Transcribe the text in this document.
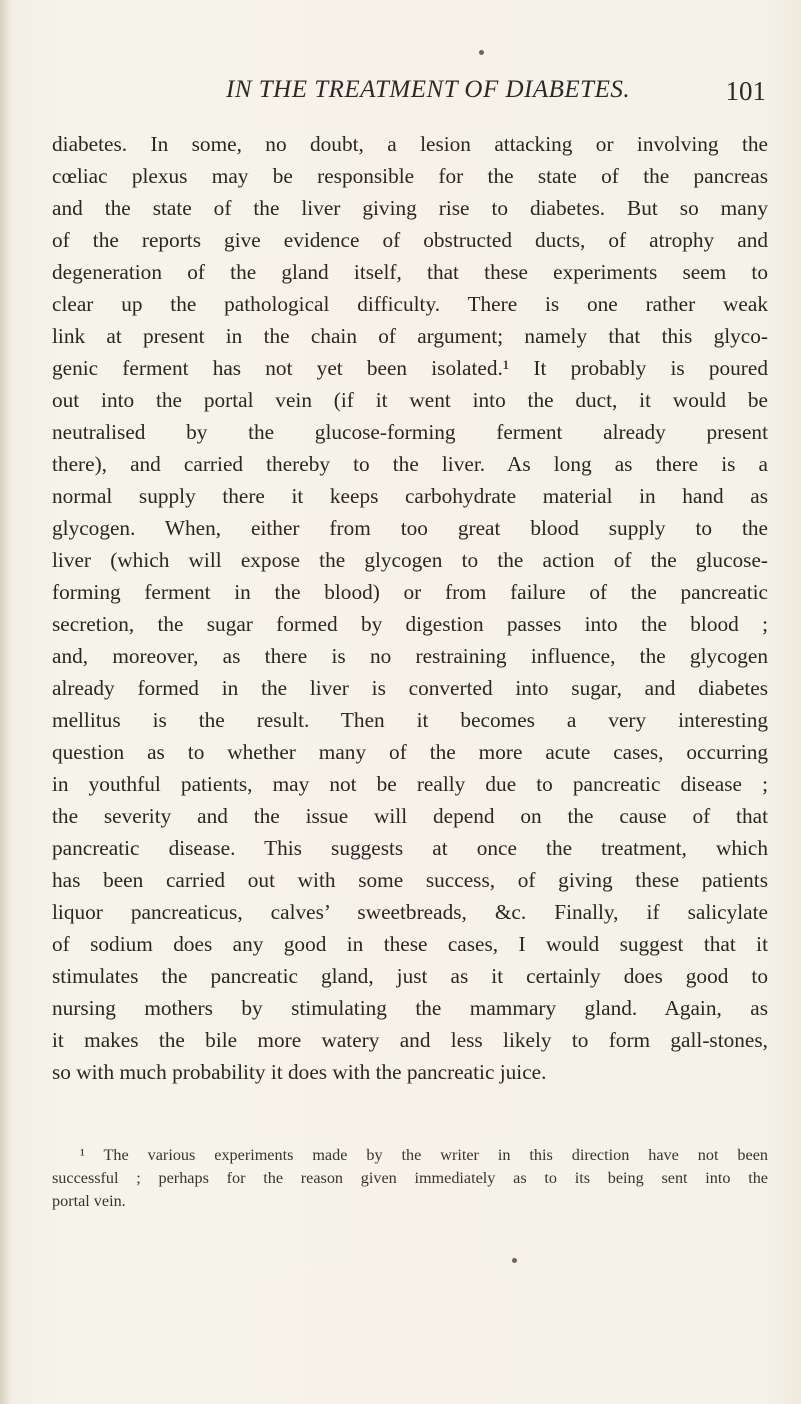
IN THE TREATMENT OF DIABETES.	101
diabetes. In some, no doubt, a lesion attacking or involving the
cœliac plexus may be responsible for the state of the pancreas
and the state of the liver giving rise to diabetes. But so many
of the reports give evidence of obstructed ducts, of atrophy and
degeneration of the gland itself, that these experiments seem to
clear up the pathological difficulty. There is one rather weak
link at present in the chain of argument; namely that this glyco-
genic ferment has not yet been isolated.¹ It probably is poured
out into the portal vein (if it went into the duct, it would be
neutralised by the glucose-forming ferment already present
there), and carried thereby to the liver. As long as there is a
normal supply there it keeps carbohydrate material in hand as
glycogen. When, either from too great blood supply to the
liver (which will expose the glycogen to the action of the glucose-
forming ferment in the blood) or from failure of the pancreatic
secretion, the sugar formed by digestion passes into the blood ;
and, moreover, as there is no restraining influence, the glycogen
already formed in the liver is converted into sugar, and diabetes
mellitus is the result. Then it becomes a very interesting
question as to whether many of the more acute cases, occurring
in youthful patients, may not be really due to pancreatic disease ;
the severity and the issue will depend on the cause of that
pancreatic disease. This suggests at once the treatment, which
has been carried out with some success, of giving these patients
liquor pancreaticus, calves’ sweetbreads, &c. Finally, if salicylate
of sodium does any good in these cases, I would suggest that it
stimulates the pancreatic gland, just as it certainly does good to
nursing mothers by stimulating the mammary gland. Again, as
it makes the bile more watery and less likely to form gall-stones,
so with much probability it does with the pancreatic juice.
¹ The various experiments made by the writer in this direction have not been
successful ; perhaps for the reason given immediately as to its being sent into the
portal vein.
